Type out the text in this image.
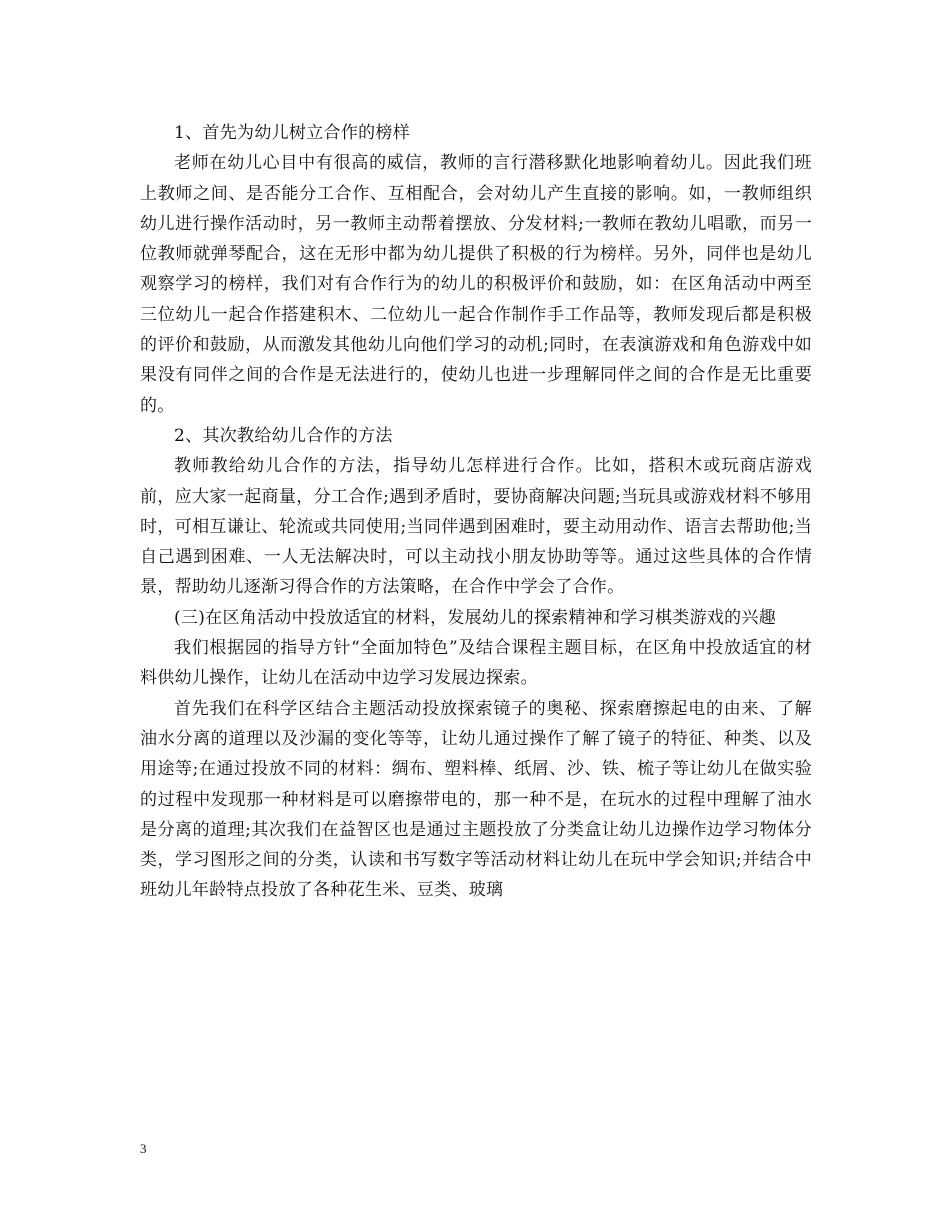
1、首先为幼儿树立合作的榜样

老师在幼儿心目中有很高的威信，教师的言行潜移默化地影响着幼儿。因此我们班上教师之间、是否能分工合作、互相配合，会对幼儿产生直接的影响。如，一教师组织幼儿进行操作活动时，另一教师主动帮着摆放、分发材料;一教师在教幼儿唱歌，而另一位教师就弹琴配合，这在无形中都为幼儿提供了积极的行为榜样。另外，同伴也是幼儿观察学习的榜样，我们对有合作行为的幼儿的积极评价和鼓励，如：在区角活动中两至三位幼儿一起合作搭建积木、二位幼儿一起合作制作手工作品等，教师发现后都是积极的评价和鼓励，从而激发其他幼儿向他们学习的动机;同时，在表演游戏和角色游戏中如果没有同伴之间的合作是无法进行的，使幼儿也进一步理解同伴之间的合作是无比重要的。

2、其次教给幼儿合作的方法

教师教给幼儿合作的方法，指导幼儿怎样进行合作。比如，搭积木或玩商店游戏前，应大家一起商量，分工合作;遇到矛盾时，要协商解决问题;当玩具或游戏材料不够用时，可相互谦让、轮流或共同使用;当同伴遇到困难时，要主动用动作、语言去帮助他;当自己遇到困难、一人无法解决时，可以主动找小朋友协助等等。通过这些具体的合作情景，帮助幼儿逐渐习得合作的方法策略，在合作中学会了合作。

(三)在区角活动中投放适宜的材料，发展幼儿的探索精神和学习棋类游戏的兴趣

我们根据园的指导方针“全面加特色”及结合课程主题目标，在区角中投放适宜的材料供幼儿操作，让幼儿在活动中边学习发展边探索。

首先我们在科学区结合主题活动投放探索镜子的奥秘、探索磨擦起电的由来、了解油水分离的道理以及沙漏的变化等等，让幼儿通过操作了解了镜子的特征、种类、以及用途等;在通过投放不同的材料：绸布、塑料棒、纸屑、沙、铁、梳子等让幼儿在做实验的过程中发现那一种材料是可以磨擦带电的，那一种不是，在玩水的过程中理解了油水是分离的道理;其次我们在益智区也是通过主题投放了分类盒让幼儿边操作边学习物体分类，学习图形之间的分类，认读和书写数字等活动材料让幼儿在玩中学会知识;并结合中班幼儿年龄特点投放了各种花生米、豆类、玻璃

3
